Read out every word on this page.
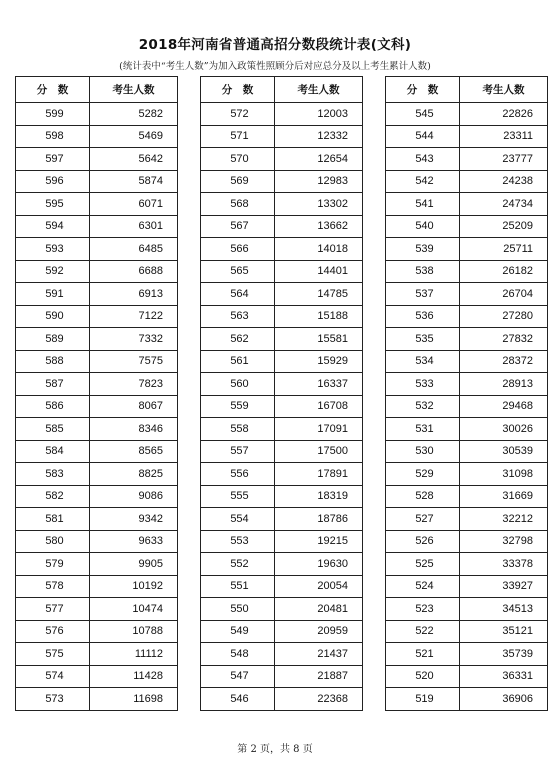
2018年河南省普通高招分数段统计表(文科)
(统计表中“考生人数”为加入政策性照顾分后对应总分及以上考生累计人数)
分　数	考生人数
599	5282
598	5469
597	5642
596	5874
595	6071
594	6301
593	6485
592	6688
591	6913
590	7122
589	7332
588	7575
587	7823
586	8067
585	8346
584	8565
583	8825
582	9086
581	9342
580	9633
579	9905
578	10192
577	10474
576	10788
575	11112
574	11428
573	11698
分　数	考生人数
572	12003
571	12332
570	12654
569	12983
568	13302
567	13662
566	14018
565	14401
564	14785
563	15188
562	15581
561	15929
560	16337
559	16708
558	17091
557	17500
556	17891
555	18319
554	18786
553	19215
552	19630
551	20054
550	20481
549	20959
548	21437
547	21887
546	22368
分　数	考生人数
545	22826
544	23311
543	23777
542	24238
541	24734
540	25209
539	25711
538	26182
537	26704
536	27280
535	27832
534	28372
533	28913
532	29468
531	30026
530	30539
529	31098
528	31669
527	32212
526	32798
525	33378
524	33927
523	34513
522	35121
521	35739
520	36331
519	36906
第 2 页，共 8 页
